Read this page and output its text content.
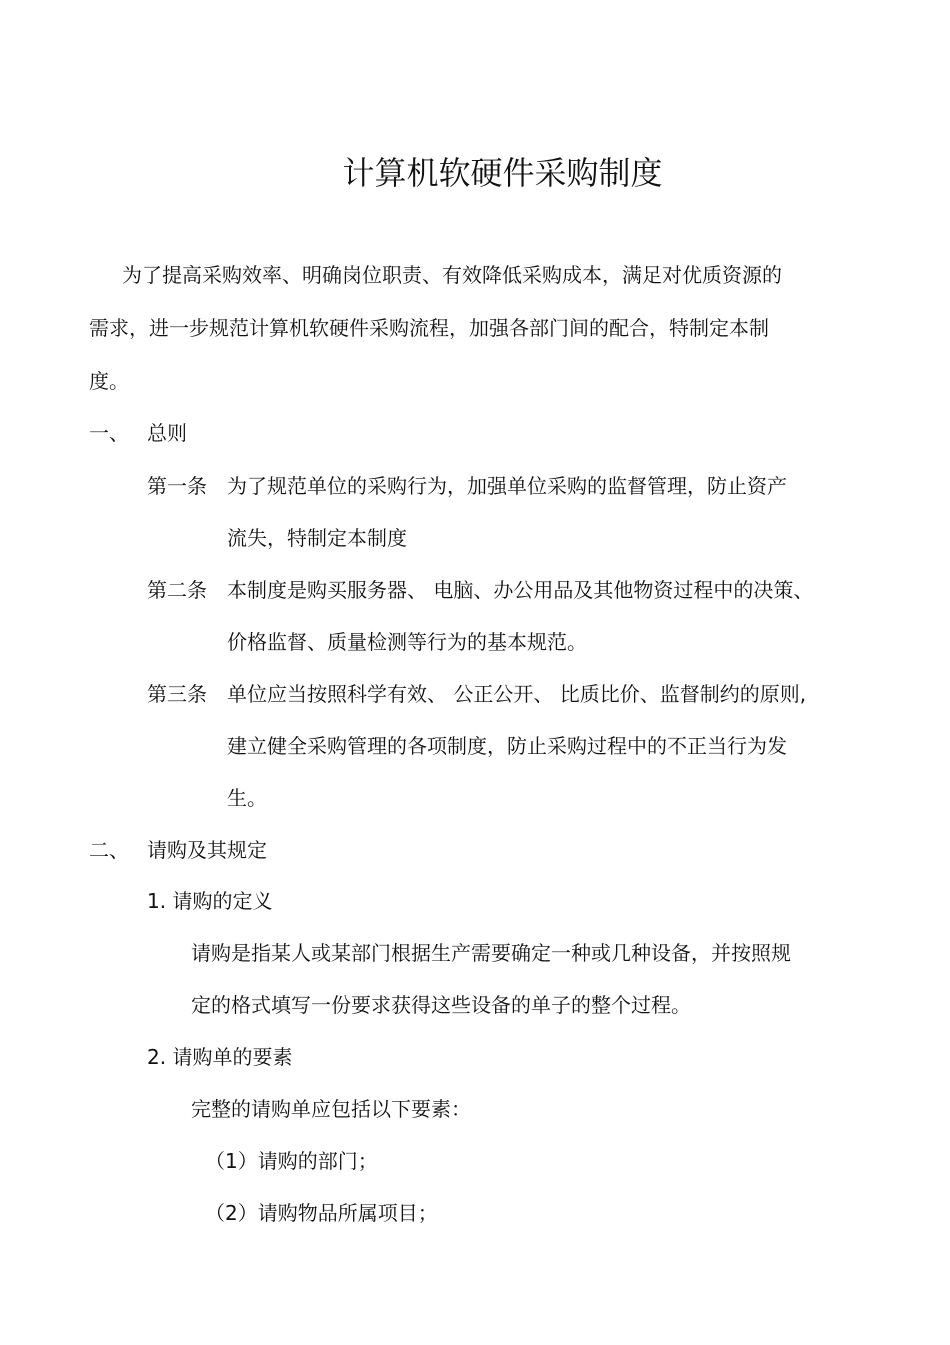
计算机软硬件采购制度
为了提高采购效率、明确岗位职责、有效降低采购成本，满足对优质资源的
需求，进一步规范计算机软硬件采购流程，加强各部门间的配合，特制定本制
度。
一、 总则
第一条 为了规范单位的采购行为，加强单位采购的监督管理，防止资产
流失，特制定本制度
第二条 本制度是购买服务器、 电脑、办公用品及其他物资过程中的决策、
价格监督、质量检测等行为的基本规范。
第三条 单位应当按照科学有效、 公正公开、 比质比价、监督制约的原则,
建立健全采购管理的各项制度，防止采购过程中的不正当行为发
生。
二、 请购及其规定
1. 请购的定义
请购是指某人或某部门根据生产需要确定一种或几种设备，并按照规
定的格式填写一份要求获得这些设备的单子的整个过程。
2. 请购单的要素
完整的请购单应包括以下要素：
（1）请购的部门；
（2）请购物品所属项目；
